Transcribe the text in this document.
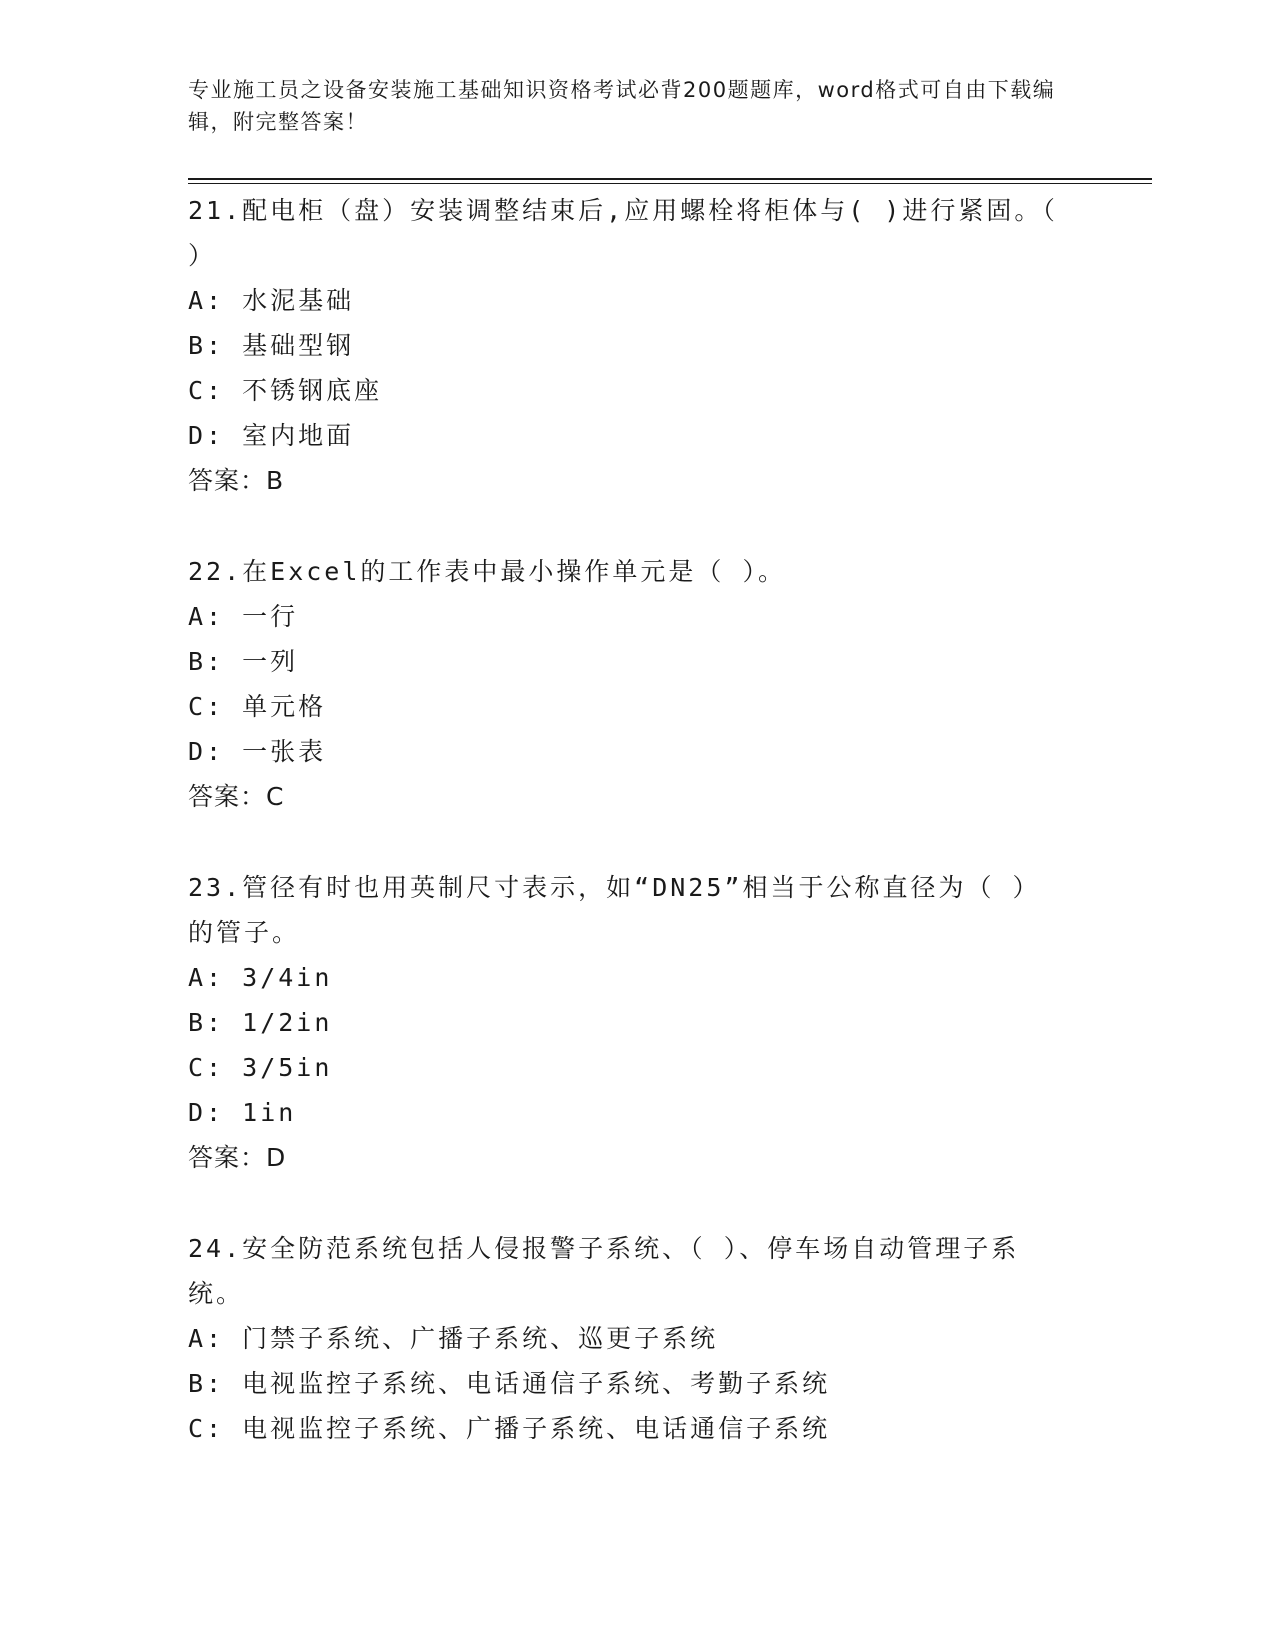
专业施工员之设备安装施工基础知识资格考试必背200题题库，word格式可自由下载编辑，附完整答案！

21.配电柜（盘）安装调整结束后,应用螺栓将柜体与( )进行紧固。（ ）

A: 水泥基础

B: 基础型钢

C: 不锈钢底座

D: 室内地面

答案：B

22.在Excel的工作表中最小操作单元是（ ）。

A: 一行

B: 一列

C: 单元格

D: 一张表

答案：C

23.管径有时也用英制尺寸表示，如“DN25”相当于公称直径为（ ）的管子。

A: 3/4in

B: 1/2in

C: 3/5in

D: 1in

答案：D

24.安全防范系统包括人侵报警子系统、（ ）、停车场自动管理子系统。

A: 门禁子系统、广播子系统、巡更子系统

B: 电视监控子系统、电话通信子系统、考勤子系统

C: 电视监控子系统、广播子系统、电话通信子系统
